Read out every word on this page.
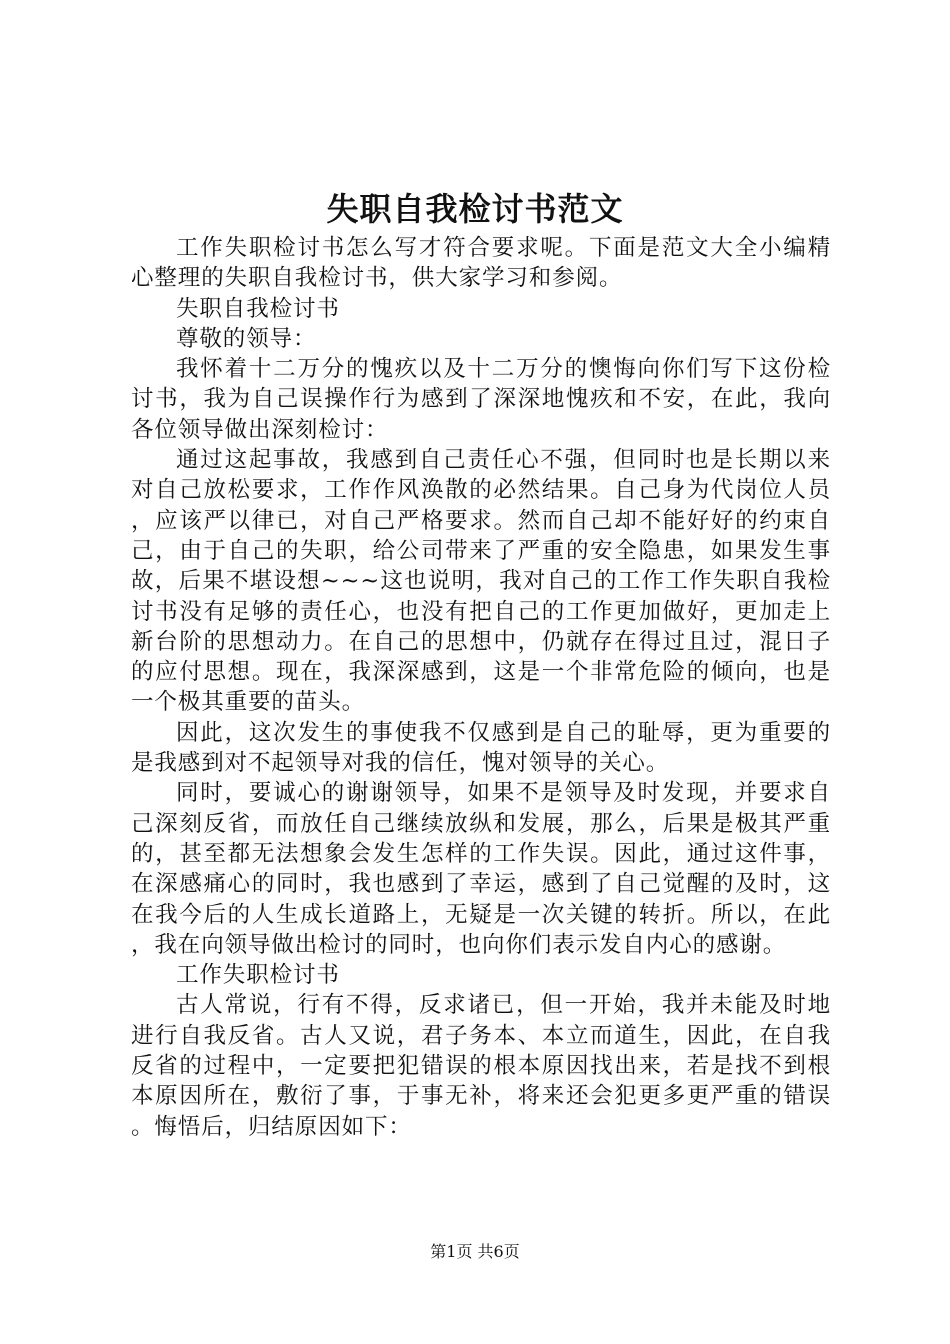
失职自我检讨书范文

工作失职检讨书怎么写才符合要求呢。下面是范文大全小编精心整理的失职自我检讨书，供大家学习和参阅。

失职自我检讨书

尊敬的领导：

我怀着十二万分的愧疚以及十二万分的懊悔向你们写下这份检讨书，我为自己误操作行为感到了深深地愧疚和不安，在此，我向各位领导做出深刻检讨：

通过这起事故，我感到自己责任心不强，但同时也是长期以来对自己放松要求，工作作风涣散的必然结果。自己身为代岗位人员，应该严以律已，对自己严格要求。然而自己却不能好好的约束自己，由于自己的失职，给公司带来了严重的安全隐患，如果发生事故，后果不堪设想~~~这也说明，我对自己的工作工作失职自我检讨书没有足够的责任心，也没有把自己的工作更加做好，更加走上新台阶的思想动力。在自己的思想中，仍就存在得过且过，混日子的应付思想。现在，我深深感到，这是一个非常危险的倾向，也是一个极其重要的苗头。

因此，这次发生的事使我不仅感到是自己的耻辱，更为重要的是我感到对不起领导对我的信任，愧对领导的关心。

同时，要诚心的谢谢领导，如果不是领导及时发现，并要求自己深刻反省，而放任自己继续放纵和发展，那么，后果是极其严重的，甚至都无法想象会发生怎样的工作失误。因此，通过这件事，在深感痛心的同时，我也感到了幸运，感到了自己觉醒的及时，这在我今后的人生成长道路上，无疑是一次关键的转折。所以，在此，我在向领导做出检讨的同时，也向你们表示发自内心的感谢。

工作失职检讨书

古人常说，行有不得，反求诸已，但一开始，我并未能及时地进行自我反省。古人又说，君子务本、本立而道生，因此，在自我反省的过程中，一定要把犯错误的根本原因找出来，若是找不到根本原因所在，敷衍了事，于事无补，将来还会犯更多更严重的错误。悔悟后，归结原因如下：

第1页 共6页
